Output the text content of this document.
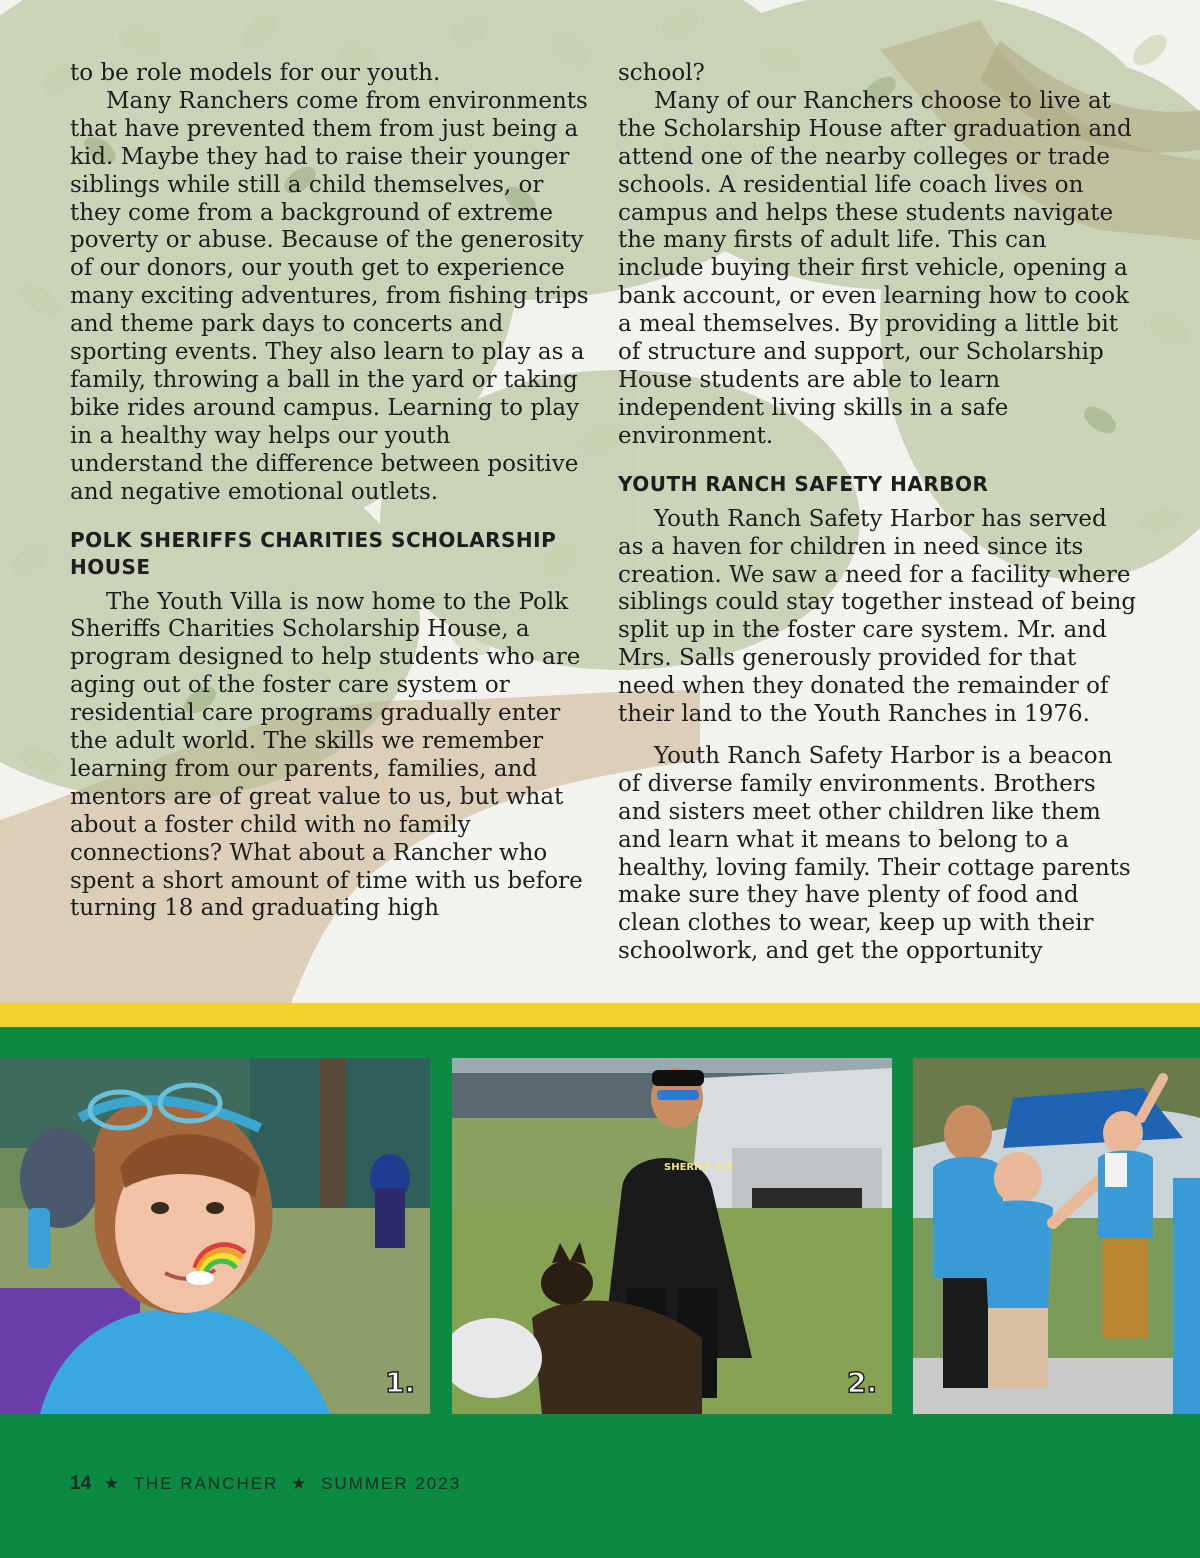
to be role models for our youth.

Many Ranchers come from environments that have prevented them from just being a kid. Maybe they had to raise their younger siblings while still a child themselves, or they come from a background of extreme poverty or abuse. Because of the generosity of our donors, our youth get to experience many exciting adventures, from fishing trips and theme park days to concerts and sporting events. They also learn to play as a family, throwing a ball in the yard or taking bike rides around campus. Learning to play in a healthy way helps our youth understand the difference between positive and negative emotional outlets.

POLK SHERIFFS CHARITIES SCHOLARSHIP HOUSE

The Youth Villa is now home to the Polk Sheriffs Charities Scholarship House, a program designed to help students who are aging out of the foster care system or residential care programs gradually enter the adult world. The skills we remember learning from our parents, families, and mentors are of great value to us, but what about a foster child with no family connections? What about a Rancher who spent a short amount of time with us before turning 18 and graduating high

school?

Many of our Ranchers choose to live at the Scholarship House after graduation and attend one of the nearby colleges or trade schools. A residential life coach lives on campus and helps these students navigate the many firsts of adult life. This can include buying their first vehicle, opening a bank account, or even learning how to cook a meal themselves. By providing a little bit of structure and support, our Scholarship House students are able to learn independent living skills in a safe environment.

YOUTH RANCH SAFETY HARBOR

Youth Ranch Safety Harbor has served as a haven for children in need since its creation. We saw a need for a facility where siblings could stay together instead of being split up in the foster care system. Mr. and Mrs. Salls generously provided for that need when they donated the remainder of their land to the Youth Ranches in 1976.

Youth Ranch Safety Harbor is a beacon of diverse family environments. Brothers and sisters meet other children like them and learn what it means to belong to a healthy, loving family. Their cottage parents make sure they have plenty of food and clean clothes to wear, keep up with their schoolwork, and get the opportunity

1.
SHERIFF K-9
2.
14 ★ THE RANCHER ★ SUMMER 2023
